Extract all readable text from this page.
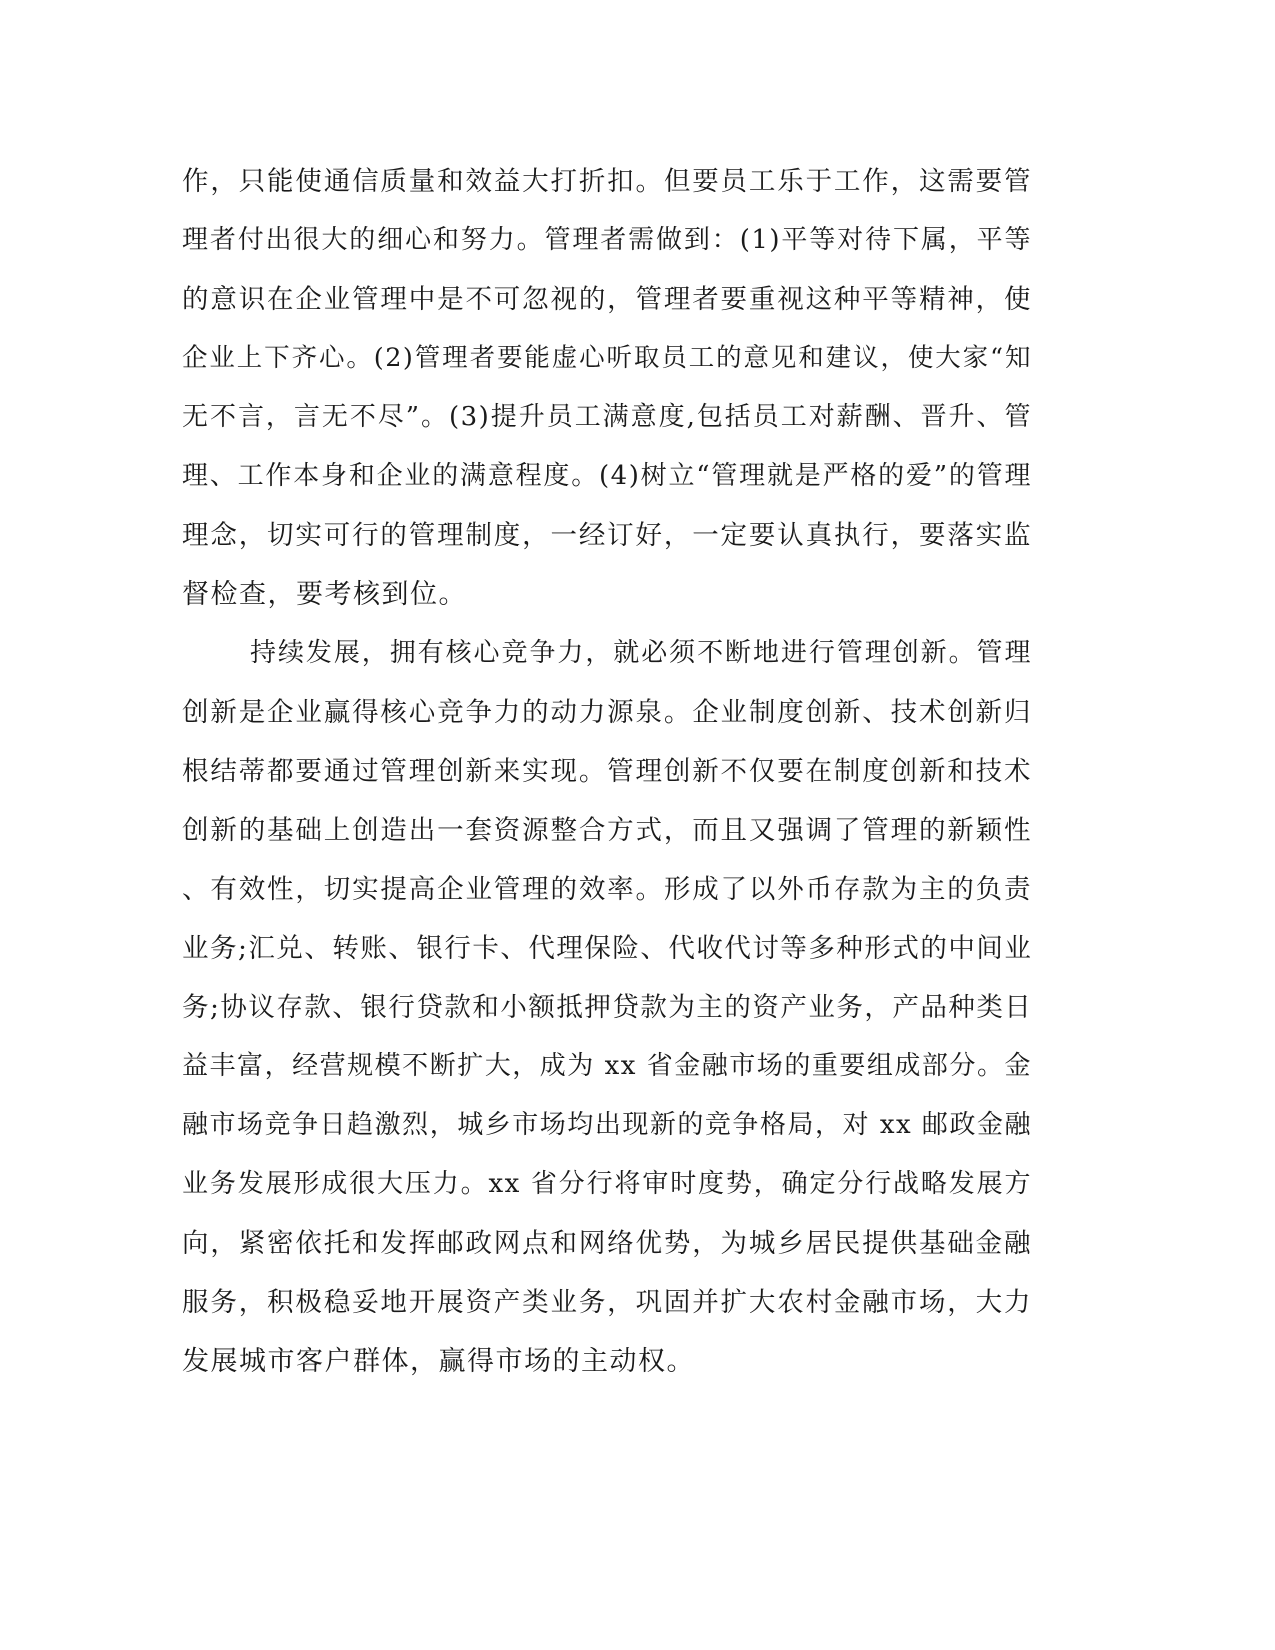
作，只能使通信质量和效益大打折扣。但要员工乐于工作，这需要管
理者付出很大的细心和努力。管理者需做到：(1)平等对待下属，平等
的意识在企业管理中是不可忽视的，管理者要重视这种平等精神，使
企业上下齐心。(2)管理者要能虚心听取员工的意见和建议，使大家“知
无不言，言无不尽”。(3)提升员工满意度,包括员工对薪酬、晋升、管
理、工作本身和企业的满意程度。(4)树立“管理就是严格的爱”的管理
理念，切实可行的管理制度，一经订好，一定要认真执行，要落实监
督检查，要考核到位。
持续发展，拥有核心竞争力，就必须不断地进行管理创新。管理
创新是企业赢得核心竞争力的动力源泉。企业制度创新、技术创新归
根结蒂都要通过管理创新来实现。管理创新不仅要在制度创新和技术
创新的基础上创造出一套资源整合方式，而且又强调了管理的新颖性
、有效性，切实提高企业管理的效率。形成了以外币存款为主的负责
业务;汇兑、转账、银行卡、代理保险、代收代讨等多种形式的中间业
务;协议存款、银行贷款和小额抵押贷款为主的资产业务，产品种类日
益丰富，经营规模不断扩大，成为 xx 省金融市场的重要组成部分。金
融市场竞争日趋激烈，城乡市场均出现新的竞争格局，对 xx 邮政金融
业务发展形成很大压力。xx 省分行将审时度势，确定分行战略发展方
向，紧密依托和发挥邮政网点和网络优势，为城乡居民提供基础金融
服务，积极稳妥地开展资产类业务，巩固并扩大农村金融市场，大力
发展城市客户群体，赢得市场的主动权。
